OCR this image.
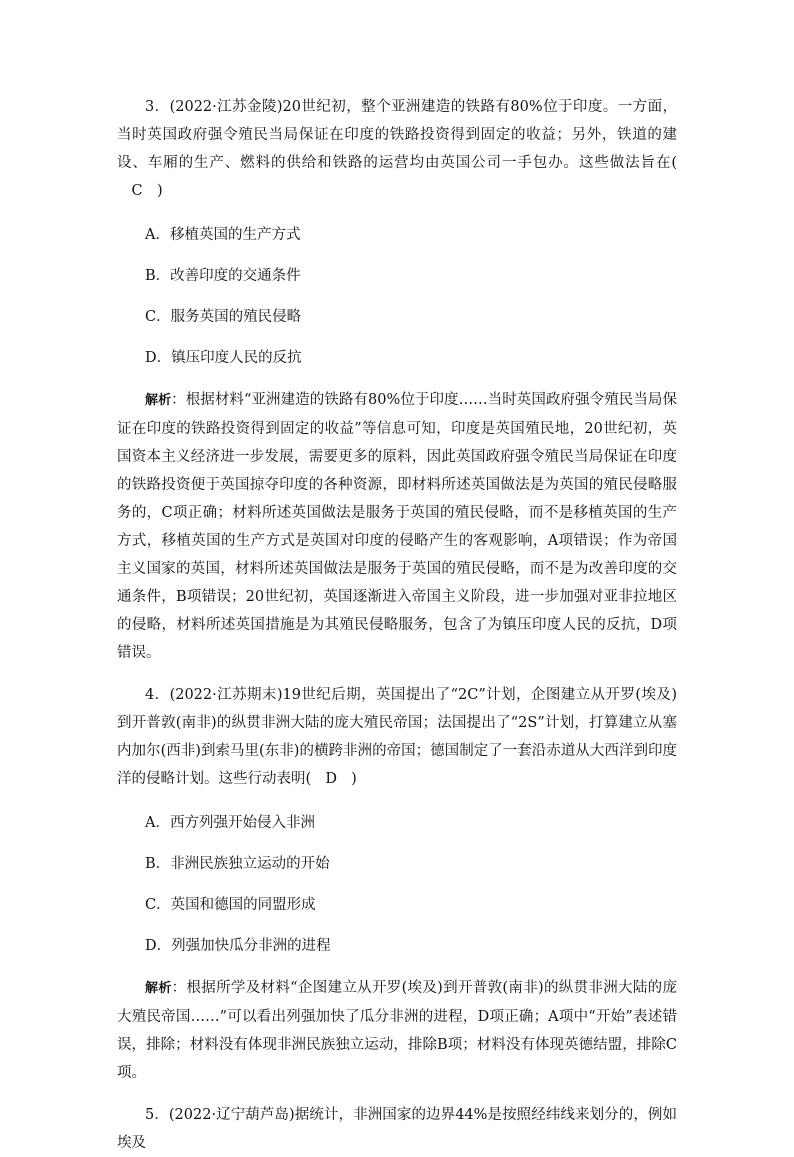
3．(2022·江苏金陵)20世纪初，整个亚洲建造的铁路有80%位于印度。一方面，当时英国政府强令殖民当局保证在印度的铁路投资得到固定的收益；另外，铁道的建设、车厢的生产、燃料的供给和铁路的运营均由英国公司一手包办。这些做法旨在(C )

A．移植英国的生产方式

B．改善印度的交通条件

C．服务英国的殖民侵略

D．镇压印度人民的反抗

解析：根据材料“亚洲建造的铁路有80%位于印度……当时英国政府强令殖民当局保证在印度的铁路投资得到固定的收益”等信息可知，印度是英国殖民地，20世纪初，英国资本主义经济进一步发展，需要更多的原料，因此英国政府强令殖民当局保证在印度的铁路投资便于英国掠夺印度的各种资源，即材料所述英国做法是为英国的殖民侵略服务的，C项正确；材料所述英国做法是服务于英国的殖民侵略，而不是移植英国的生产方式，移植英国的生产方式是英国对印度的侵略产生的客观影响，A项错误；作为帝国主义国家的英国，材料所述英国做法是服务于英国的殖民侵略，而不是为改善印度的交通条件，B项错误；20世纪初，英国逐渐进入帝国主义阶段，进一步加强对亚非拉地区的侵略，材料所述英国措施是为其殖民侵略服务，包含了为镇压印度人民的反抗，D项错误。

4．(2022·江苏期末)19世纪后期，英国提出了“2C”计划，企图建立从开罗(埃及)到开普敦(南非)的纵贯非洲大陆的庞大殖民帝国；法国提出了“2S”计划，打算建立从塞内加尔(西非)到索马里(东非)的横跨非洲的帝国；德国制定了一套沿赤道从大西洋到印度洋的侵略计划。这些行动表明( D )

A．西方列强开始侵入非洲

B．非洲民族独立运动的开始

C．英国和德国的同盟形成

D．列强加快瓜分非洲的进程

解析：根据所学及材料“企图建立从开罗(埃及)到开普敦(南非)的纵贯非洲大陆的庞大殖民帝国……”可以看出列强加快了瓜分非洲的进程，D项正确；A项中“开始”表述错误，排除；材料没有体现非洲民族独立运动，排除B项；材料没有体现英德结盟，排除C项。

5．(2022·辽宁葫芦岛)据统计，非洲国家的边界44%是按照经纬线来划分的，例如埃及
